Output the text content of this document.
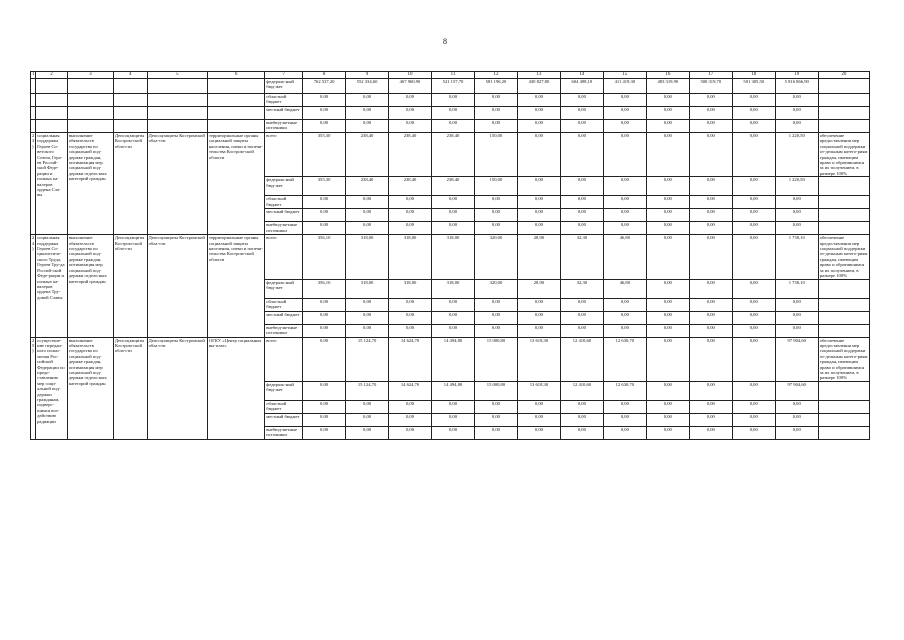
8
1	2	3	4	5	6	7	8	9	10	11	12	13	14	15	16	17	18	19	20
						федераль-ный бюд-жет	762 527,20	552 334,60	467 960,90	521 157,70	581 196,20	430 827,80	604 498,10	411 419,30	483 319,90	500 319,70	501 305,50	5 816 866,90	
						областной бюджет	0,00	0,00	0,00	0,00	0,00	0,00	0,00	0,00	0,00	0,00	0,00	0,00	
						местный бюджет	0,00	0,00	0,00	0,00	0,00	0,00	0,00	0,00	0,00	0,00	0,00	0,00	
						внебюд-жетные источники	0,00	0,00	0,00	0,00	0,00	0,00	0,00	0,00	0,00	0,00	0,00	0,00	
23)	социальная поддержка Героев Со-ветского Союза, Геро-ев Россий-ской Феде-рации и полных ка-валеров ордена Сла-вы	выполнение обязательств государства по социальной под-держке граждан, оптимизация мер социальной под-держки отдель-ных категорий граждан	Депсоцзащиты Костром-ской обла-сти	Депсоцзащиты Костромской обла-сти	территориальные органы социальной защиты населения, опеки и попечи-тельства Костром-ской области	всего	355,30	238,40	238,40	238,40	150,00	0,00	0,00	0,00	0,00	0,00	0,00	1 220,50	обеспечение предоставления мер социальной поддержки от-дельным катего-риям граждан, имеющим право и обратившимся за их получением, в размере 100%
						федераль-ный бюд-жет	355,30	238,40	238,40	238,40	150,00	0,00	0,00	0,00	0,00	0,00	0,00	1 220,50	
						областной бюджет	0,00	0,00	0,00	0,00	0,00	0,00	0,00	0,00	0,00	0,00	0,00	0,00	
						местный бюджет	0,00	0,00	0,00	0,00	0,00	0,00	0,00	0,00	0,00	0,00	0,00	0,00	
						внебюд-жетные источники	0,00	0,00	0,00	0,00	0,00	0,00	0,00	0,00	0,00	0,00	0,00	0,00	
24)	социальная поддержка Героев Со-циалистиче-ского Труда, Героев Тру-да Россий-ской Феде-рации и полных ка-валеров ордена Тру-довой Славы	выполнение обязательств государства по социальной под-держке граждан, оптимизация мер социальной под-держки отдель-ных категорий граждан	Депсоцзащиты Костром-ской обла-сти	Депсоцзащиты Костромской обла-сти	территориальные органы социальной защиты населения, опеки и попечи-тельства Костром-ской области	всего	356,10	318,00	318,00	318,00	320,00	28,90	32,30	46,80	0,00	0,00	0,00	1 738,10	обеспечение предоставления мер социальной поддержки от-дельным катего-риям граждан, имеющим право и обратившимся за их получением, в размере 100%
						федераль-ный бюд-жет	356,10	318,00	318,00	318,00	320,00	28,90	32,30	46,80	0,00	0,00	0,00	1 738,10	
						областной бюджет	0,00	0,00	0,00	0,00	0,00	0,00	0,00	0,00	0,00	0,00	0,00	0,00	
						местный бюджет	0,00	0,00	0,00	0,00	0,00	0,00	0,00	0,00	0,00	0,00	0,00	0,00	
						внебюд-жетные источники	0,00	0,00	0,00	0,00	0,00	0,00	0,00	0,00	0,00	0,00	0,00	0,00	
25)	осуществле-ние передан-ного полно-мочия Рос-сийской Федерации по предо-ставлению мер соци-альной под-держки гражданам, подверг-шимся воз-действию радиации	выполнение обязательств государства по социальной под-держке граждан, оптимизация мер социальной под-держки отдель-ных категорий граждан	Депсоцзащиты Костром-ской обла-сти	Депсоцзащиты Костромской обла-сти	ОГКУ «Центр социальных вы-плат»	всего	0,00	15 124,70	14 624,70	14 494,80	15 000,80	13 618,30	12 410,60	12 630,70	0,00	0,00	0,00	97 904,60	обеспечение предоставления мер социальной поддержки от-дельным катего-риям граждан, имеющим право и обратившимся за их получением, в размере 100%
						федераль-ный бюд-жет	0,00	15 124,70	14 624,70	14 494,80	15 000,80	13 618,30	12 410,60	12 630,70	0,00	0,00	0,00	97 904,60	
						областной бюджет	0,00	0,00	0,00	0,00	0,00	0,00	0,00	0,00	0,00	0,00	0,00	0,00	
						местный бюджет	0,00	0,00	0,00	0,00	0,00	0,00	0,00	0,00	0,00	0,00	0,00	0,00	
						внебюд-жетные источники	0,00	0,00	0,00	0,00	0,00	0,00	0,00	0,00	0,00	0,00	0,00	0,00	
